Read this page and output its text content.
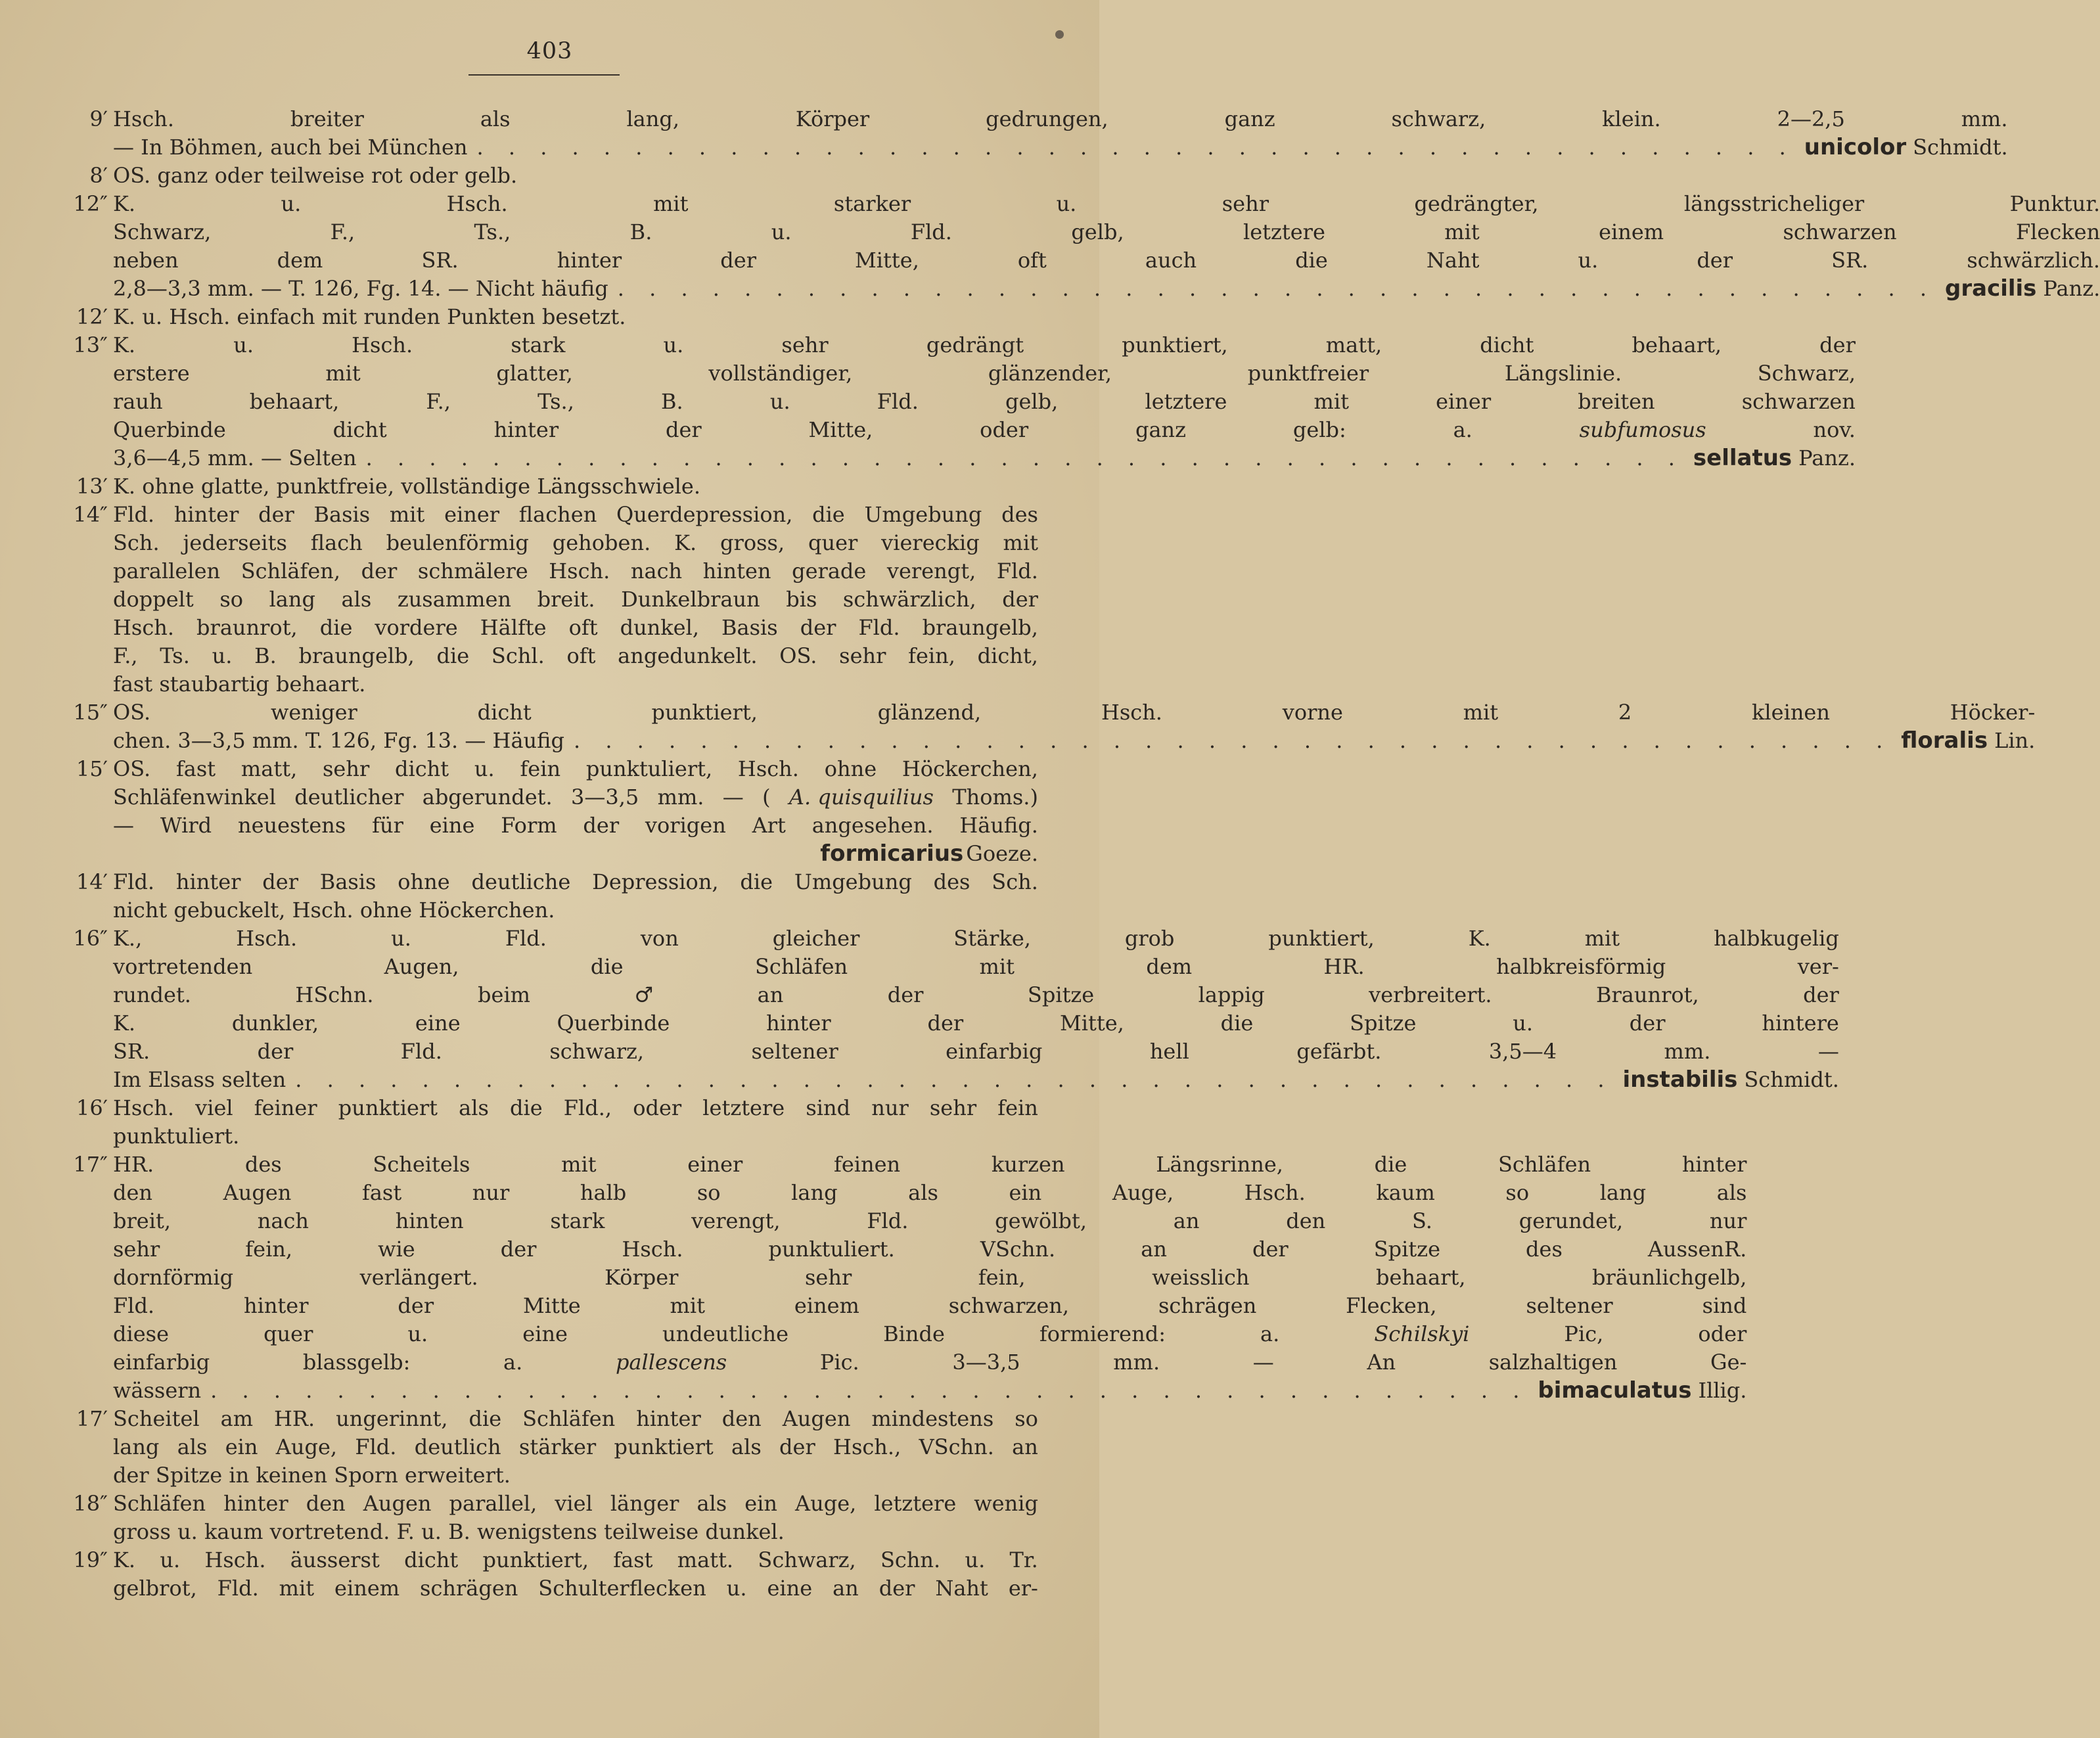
403
9′ Hsch.	breiter	als	lang,	Körper	gedrungen,	ganz	schwarz,	klein.	2—2,5	mm.
— In Böhmen, auch bei München . . . . . . . . . . . . . . . . . . . . . . . . . . . . . . . . . . . . . . . . . . unicolor Schmidt.
8′ OS. ganz oder teilweise rot oder gelb.
12″ K.	u.	Hsch.	mit	starker	u.	sehr	gedrängter,	längsstricheliger	Punktur.
Schwarz,	F.,	Ts.,	B.	u.	Fld.	gelb,	letztere	mit	einem	schwarzen	Flecken
neben	dem	SR.	hinter	der	Mitte,	oft	auch	die	Naht	u.	der	SR.	schwärzlich.
2,8—3,3 mm. — T. 126, Fg. 14. — Nicht häufig . . . . . . . . . . . . . . . . . . . . . . . . . . . . . . . . . . . . . . . . . . gracilis Panz.
12′ K. u. Hsch. einfach mit runden Punkten besetzt.
13″ K.	u.	Hsch.	stark	u.	sehr	gedrängt	punktiert,	matt,	dicht	behaart,	der
erstere	mit	glatter,	vollständiger,	glänzender,	punktfreier	Längslinie.	Schwarz,
rauh	behaart,	F.,	Ts.,	B.	u.	Fld.	gelb,	letztere	mit	einer	breiten	schwarzen
Querbinde	dicht	hinter	der	Mitte,	oder	ganz	gelb:	a.	subfumosus	nov.
3,6—4,5 mm. — Selten . . . . . . . . . . . . . . . . . . . . . . . . . . . . . . . . . . . . . . . . . . sellatus Panz.
13′ K. ohne glatte, punktfreie, vollständige Längsschwiele.
14″ Fld. hinter der Basis mit einer flachen Querdepression, die Umgebung des
Sch. jederseits flach beulenförmig gehoben. K. gross, quer viereckig mit
parallelen Schläfen, der schmälere Hsch. nach hinten gerade verengt, Fld.
doppelt so lang als zusammen breit. Dunkelbraun bis schwärzlich, der
Hsch. braunrot, die vordere Hälfte oft dunkel, Basis der Fld. braungelb,
F., Ts. u. B. braungelb, die Schl. oft angedunkelt. OS. sehr fein, dicht,
fast staubartig behaart.
15″ OS.	weniger	dicht	punktiert,	glänzend,	Hsch.	vorne	mit	2	kleinen	Höcker-
chen. 3—3,5 mm. T. 126, Fg. 13. — Häufig . . . . . . . . . . . . . . . . . . . . . . . . . . . . . . . . . . . . . . . . . . floralis Lin.
15′ OS. fast matt, sehr dicht u. fein punktuliert, Hsch. ohne Höckerchen,
Schläfenwinkel deutlicher abgerundet. 3—3,5 mm. — ( A. quisquilius Thoms.)
— Wird neuestens für eine Form der vorigen Art angesehen. Häufig.
formicarius Goeze.
14′ Fld. hinter der Basis ohne deutliche Depression, die Umgebung des Sch.
nicht gebuckelt, Hsch. ohne Höckerchen.
16″ K.,	Hsch.	u.	Fld.	von	gleicher	Stärke,	grob	punktiert,	K.	mit	halbkugelig
vortretenden	Augen,	die	Schläfen	mit	dem	HR.	halbkreisförmig	ver-
rundet.	HSchn.	beim	♂	an	der	Spitze	lappig	verbreitert.	Braunrot,	der
K.	dunkler,	eine	Querbinde	hinter	der	Mitte,	die	Spitze	u.	der	hintere
SR.	der	Fld.	schwarz,	seltener	einfarbig	hell	gefärbt.	3,5—4	mm.	—
Im Elsass selten . . . . . . . . . . . . . . . . . . . . . . . . . . . . . . . . . . . . . . . . . . instabilis Schmidt.
16′ Hsch. viel feiner punktiert als die Fld., oder letztere sind nur sehr fein
punktuliert.
17″ HR.	des	Scheitels	mit	einer	feinen	kurzen	Längsrinne,	die	Schläfen	hinter
den	Augen	fast	nur	halb	so	lang	als	ein	Auge,	Hsch.	kaum	so	lang	als
breit,	nach	hinten	stark	verengt,	Fld.	gewölbt,	an	den	S.	gerundet,	nur
sehr	fein,	wie	der	Hsch.	punktuliert.	VSchn.	an	der	Spitze	des	AussenR.
dornförmig	verlängert.	Körper	sehr	fein,	weisslich	behaart,	bräunlichgelb,
Fld.	hinter	der	Mitte	mit	einem	schwarzen,	schrägen	Flecken,	seltener	sind
diese	quer	u.	eine	undeutliche	Binde	formierend:	a.	Schilskyi	Pic,	oder
einfarbig	blassgelb:	a.	pallescens	Pic.	3—3,5	mm.	—	An	salzhaltigen	Ge-
wässern . . . . . . . . . . . . . . . . . . . . . . . . . . . . . . . . . . . . . . . . . . bimaculatus Illig.
17′ Scheitel am HR. ungerinnt, die Schläfen hinter den Augen mindestens so
lang als ein Auge, Fld. deutlich stärker punktiert als der Hsch., VSchn. an
der Spitze in keinen Sporn erweitert.
18″ Schläfen hinter den Augen parallel, viel länger als ein Auge, letztere wenig
gross u. kaum vortretend. F. u. B. wenigstens teilweise dunkel.
19″ K. u. Hsch. äusserst dicht punktiert, fast matt. Schwarz, Schn. u. Tr.
gelbrot, Fld. mit einem schrägen Schulterflecken u. eine an der Naht er-
